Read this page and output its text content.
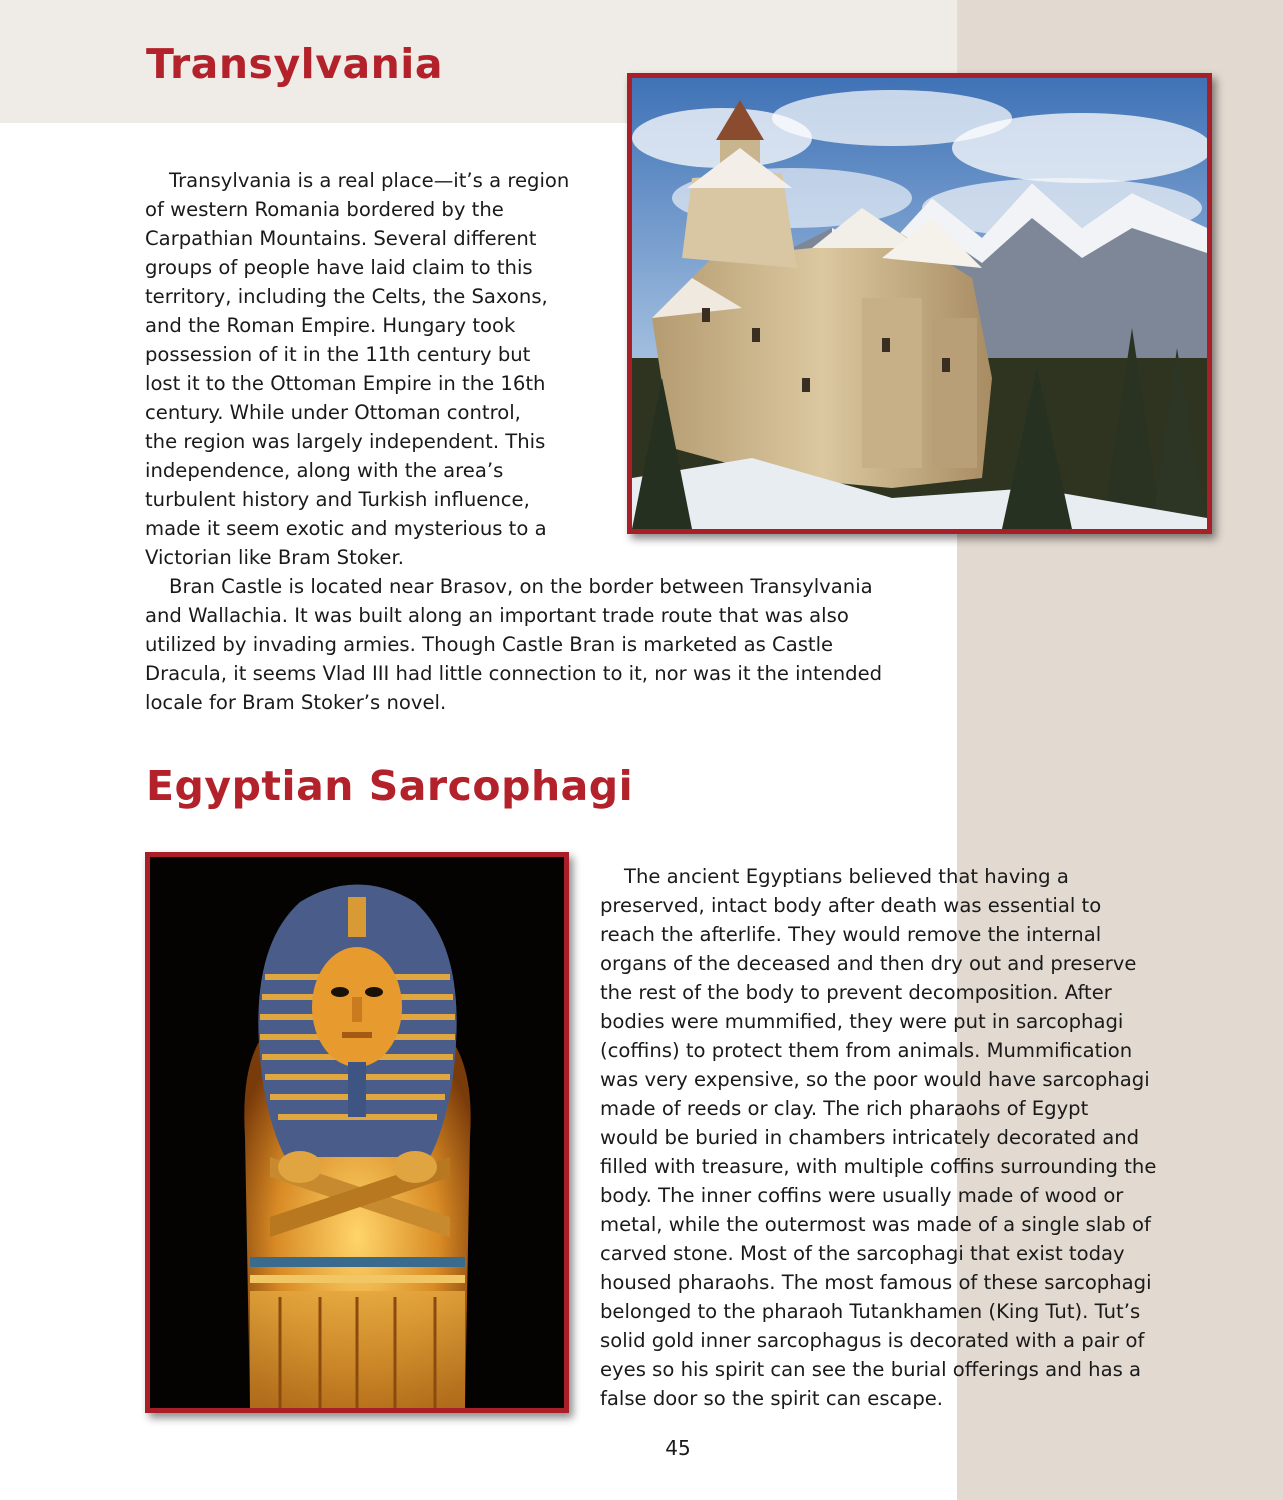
Transylvania

Transylvania is a real place—it’s a region
of western Romania bordered by the
Carpathian Mountains. Several different
groups of people have laid claim to this
territory, including the Celts, the Saxons,
and the Roman Empire. Hungary took
possession of it in the 11th century but
lost it to the Ottoman Empire in the 16th
century. While under Ottoman control,
the region was largely independent. This
independence, along with the area’s
turbulent history and Turkish influence,
made it seem exotic and mysterious to a
Victorian like Bram Stoker.

Bran Castle is located near Brasov, on the border between Transylvania
and Wallachia. It was built along an important trade route that was also
utilized by invading armies. Though Castle Bran is marketed as Castle
Dracula, it seems Vlad III had little connection to it, nor was it the intended
locale for Bram Stoker’s novel.

Egyptian Sarcophagi

The ancient Egyptians believed that having a
preserved, intact body after death was essential to
reach the afterlife. They would remove the internal
organs of the deceased and then dry out and preserve
the rest of the body to prevent decomposition. After
bodies were mummified, they were put in sarcophagi
(coffins) to protect them from animals. Mummification
was very expensive, so the poor would have sarcophagi
made of reeds or clay. The rich pharaohs of Egypt
would be buried in chambers intricately decorated and
filled with treasure, with multiple coffins surrounding the
body. The inner coffins were usually made of wood or
metal, while the outermost was made of a single slab of
carved stone. Most of the sarcophagi that exist today
housed pharaohs. The most famous of these sarcophagi
belonged to the pharaoh Tutankhamen (King Tut). Tut’s
solid gold inner sarcophagus is decorated with a pair of
eyes so his spirit can see the burial offerings and has a
false door so the spirit can escape.

45
